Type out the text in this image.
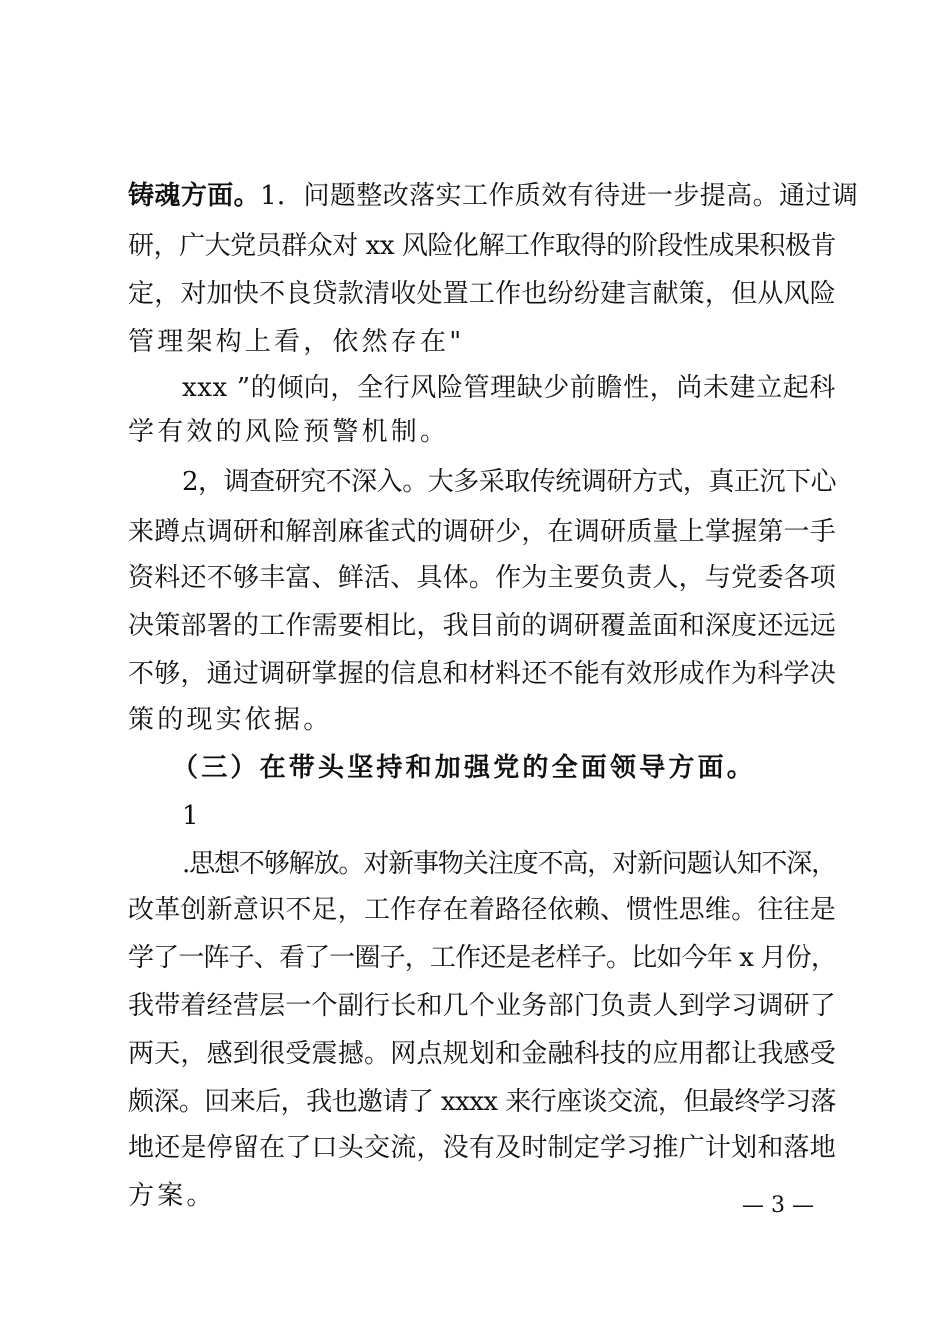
铸魂方面。1．问题整改落实工作质效有待进一步提高。通过调
研，广大党员群众对 xx 风险化解工作取得的阶段性成果积极肯
定，对加快不良贷款清收处置工作也纷纷建言献策，但从风险
管理架构上看，依然存在"
xxx ”的倾向，全行风险管理缺少前瞻性，尚未建立起科
学有效的风险预警机制。
2，调查研究不深入。大多采取传统调研方式，真正沉下心
来蹲点调研和解剖麻雀式的调研少，在调研质量上掌握第一手
资料还不够丰富、鲜活、具体。作为主要负责人，与党委各项
决策部署的工作需要相比，我目前的调研覆盖面和深度还远远
不够，通过调研掌握的信息和材料还不能有效形成作为科学决
策的现实依据。
（三）在带头坚持和加强党的全面领导方面。
1
.思想不够解放。对新事物关注度不高，对新问题认知不深，
改革创新意识不足，工作存在着路径依赖、惯性思维。往往是
学了一阵子、看了一圈子，工作还是老样子。比如今年 x 月份，
我带着经营层一个副行长和几个业务部门负责人到学习调研了
两天，感到很受震撼。网点规划和金融科技的应用都让我感受
颇深。回来后，我也邀请了 xxxx 来行座谈交流，但最终学习落
地还是停留在了口头交流，没有及时制定学习推广计划和落地
方案。	— 3 —
